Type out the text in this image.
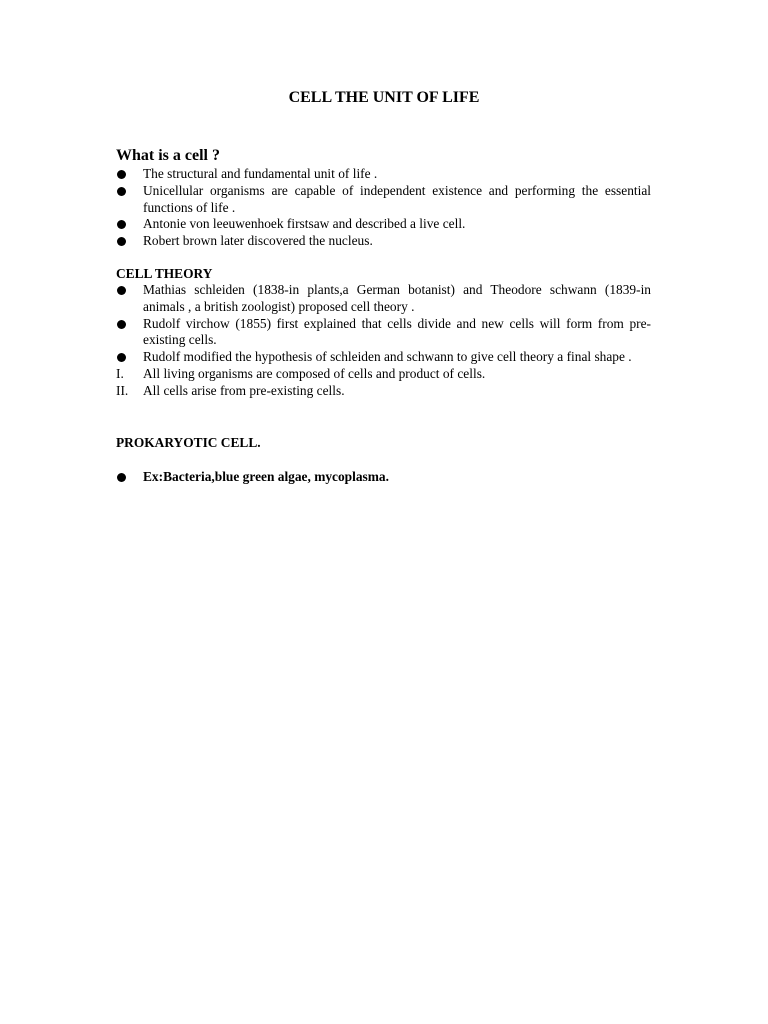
CELL THE UNIT OF LIFE

What is a cell ?

The structural and fundamental unit of life .
Unicellular organisms are capable of independent existence and performing the essential functions of life .
Antonie von leeuwenhoek firstsaw and described a live cell.
Robert brown later discovered the nucleus.

CELL THEORY

Mathias schleiden (1838-in plants,a German botanist) and Theodore schwann (1839-in animals , a british zoologist) proposed cell theory .
Rudolf virchow (1855) first explained that cells divide and new cells will form from pre- existing cells.
Rudolf modified the hypothesis of schleiden and schwann to give cell theory a final shape .
I.	All living organisms are composed of cells and product of cells.
II.	All cells arise from pre-existing cells.

PROKARYOTIC CELL.

Ex:Bacteria,blue green algae, mycoplasma.
